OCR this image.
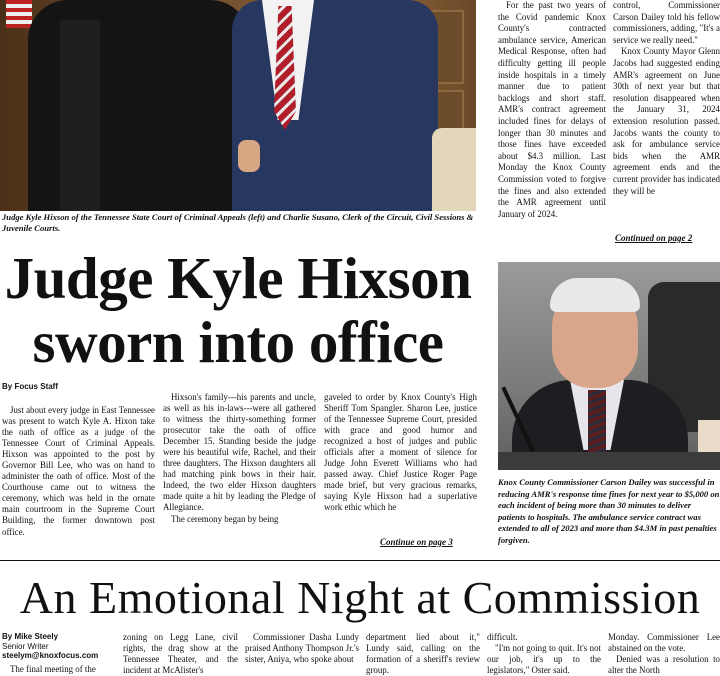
Judge Kyle Hixson of the Tennessee State Court of Criminal Appeals (left) and Charlie Susano, Clerk of the Circuit, Civil Sessions & Juvenile Courts.
Judge Kyle Hixson
sworn into office
By Focus Staff

Just about every judge in East Tennessee was present to watch Kyle A. Hixon take the oath of office as a judge of the Tennessee Court of Criminal Appeals. Hixson was appointed to the post by Governor Bill Lee, who was on hand to administer the oath of office. Most of the Courthouse came out to witness the ceremony, which was held in the ornate main courtroom in the Supreme Court Building, the former downtown post office.

Hixson's family---his parents and uncle, as well as his in-laws---were all gathered to witness the thirty-something former prosecutor take the oath of office December 15. Standing beside the judge were his beautiful wife, Rachel, and their three daughters. The Hixson daughters all had matching pink bows in their hair. Indeed, the two elder Hixson daughters made quite a hit by leading the Pledge of Allegiance.

The ceremony began by being

gaveled to order by Knox County's High Sheriff Tom Spangler. Sharon Lee, justice of the Tennessee Supreme Court, presided with grace and good humor and recognized a host of judges and public officials after a moment of silence for Judge John Everett Williams who had passed away. Chief Justice Roger Page made brief, but very gracious remarks, saying Kyle Hixson had a superlative work ethic which he

Continue on page 3

For the past two years of the Covid pandemic Knox County's contracted ambulance service, American Medical Response, often had difficulty getting ill people inside hospitals in a timely manner due to patient backlogs and short staff. AMR's contract agreement included fines for delays of longer than 30 minutes and those fines have exceeded about $4.3 million. Last Monday the Knox County Commission voted to forgive the fines and also extended the AMR agreement until January of 2024.

control, Commissioner Carson Dailey told his fellow commissioners, adding, "It's a service we really need."

Knox County Mayor Glenn Jacobs had suggested ending AMR's agreement on June 30th of next year but that resolution disappeared when the January 31, 2024 extension resolution passed. Jacobs wants the county to ask for ambulance service bids when the AMR agreement ends and the current provider has indicated they will be

Continued on page 2
Knox County Commissioner Carson Dailey was successful in reducing AMR's response time fines for next year to $5,000 on each incident of being more than 30 minutes to deliver patients to hospitals. The ambulance service contract was extended to all of 2023 and more than $4.3M in past penalties forgiven.
An Emotional Night at Commission
By Mike Steely
Senior Writer
steelym@knoxfocus.com

The final meeting of the

zoning on Legg Lane, civil rights, the drag show at the Tennessee Theater, and the incident at McAlister's

Commissioner Dasha Lundy praised Anthony Thompson Jr.'s sister, Aniya, who spoke about

department lied about it," Lundy said, calling on the formation of a sheriff's review group.

difficult.

"I'm not going to quit. It's not our job, it's up to the legislators," Oster said.

Monday. Commissioner Lee abstained on the vote.

Denied was a resolution to alter the North
